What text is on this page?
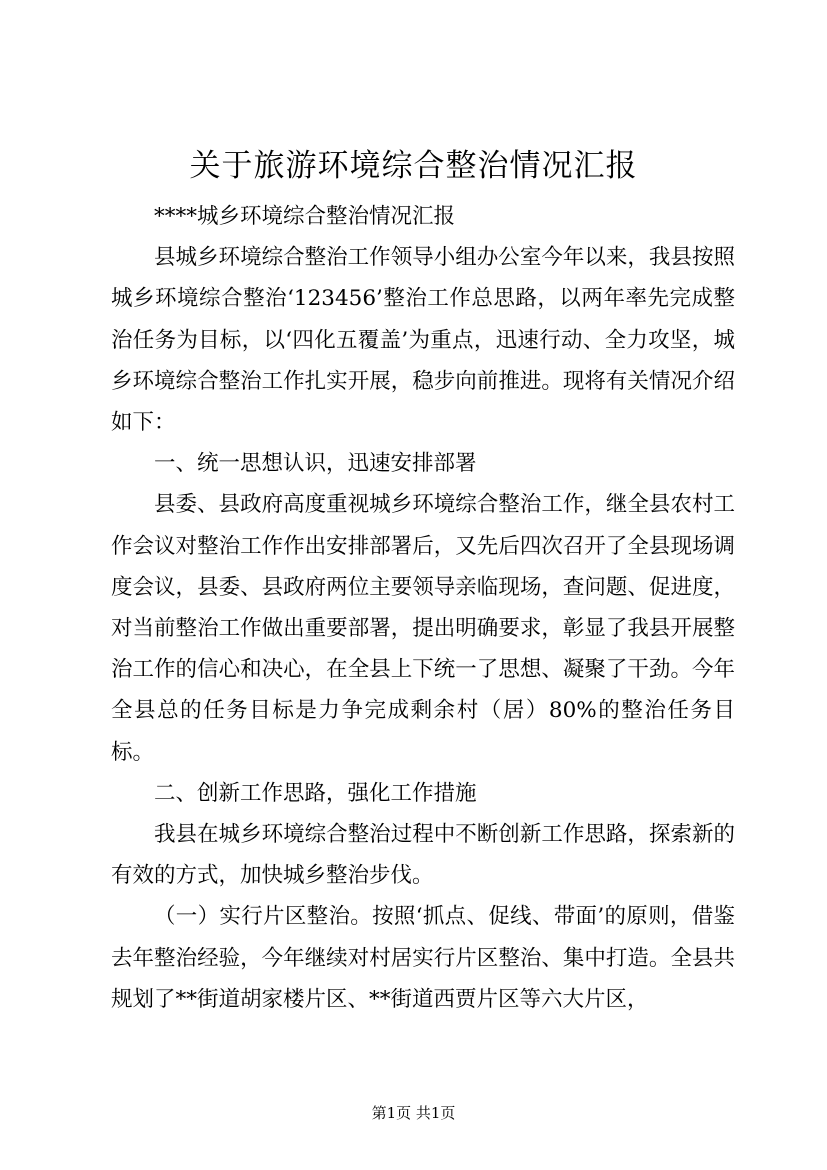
关于旅游环境综合整治情况汇报

****城乡环境综合整治情况汇报

县城乡环境综合整治工作领导小组办公室今年以来，我县按照城乡环境综合整治‘123456’整治工作总思路，以两年率先完成整治任务为目标，以‘四化五覆盖’为重点，迅速行动、全力攻坚，城乡环境综合整治工作扎实开展，稳步向前推进。现将有关情况介绍如下：

一、统一思想认识，迅速安排部署

县委、县政府高度重视城乡环境综合整治工作，继全县农村工作会议对整治工作作出安排部署后，又先后四次召开了全县现场调度会议，县委、县政府两位主要领导亲临现场，查问题、促进度，对当前整治工作做出重要部署，提出明确要求，彰显了我县开展整治工作的信心和决心，在全县上下统一了思想、凝聚了干劲。今年全县总的任务目标是力争完成剩余村（居）80%的整治任务目标。

二、创新工作思路，强化工作措施

我县在城乡环境综合整治过程中不断创新工作思路，探索新的有效的方式，加快城乡整治步伐。

（一）实行片区整治。按照‘抓点、促线、带面’的原则，借鉴去年整治经验，今年继续对村居实行片区整治、集中打造。全县共规划了**街道胡家楼片区、**街道西贾片区等六大片区，

第1页 共1页
